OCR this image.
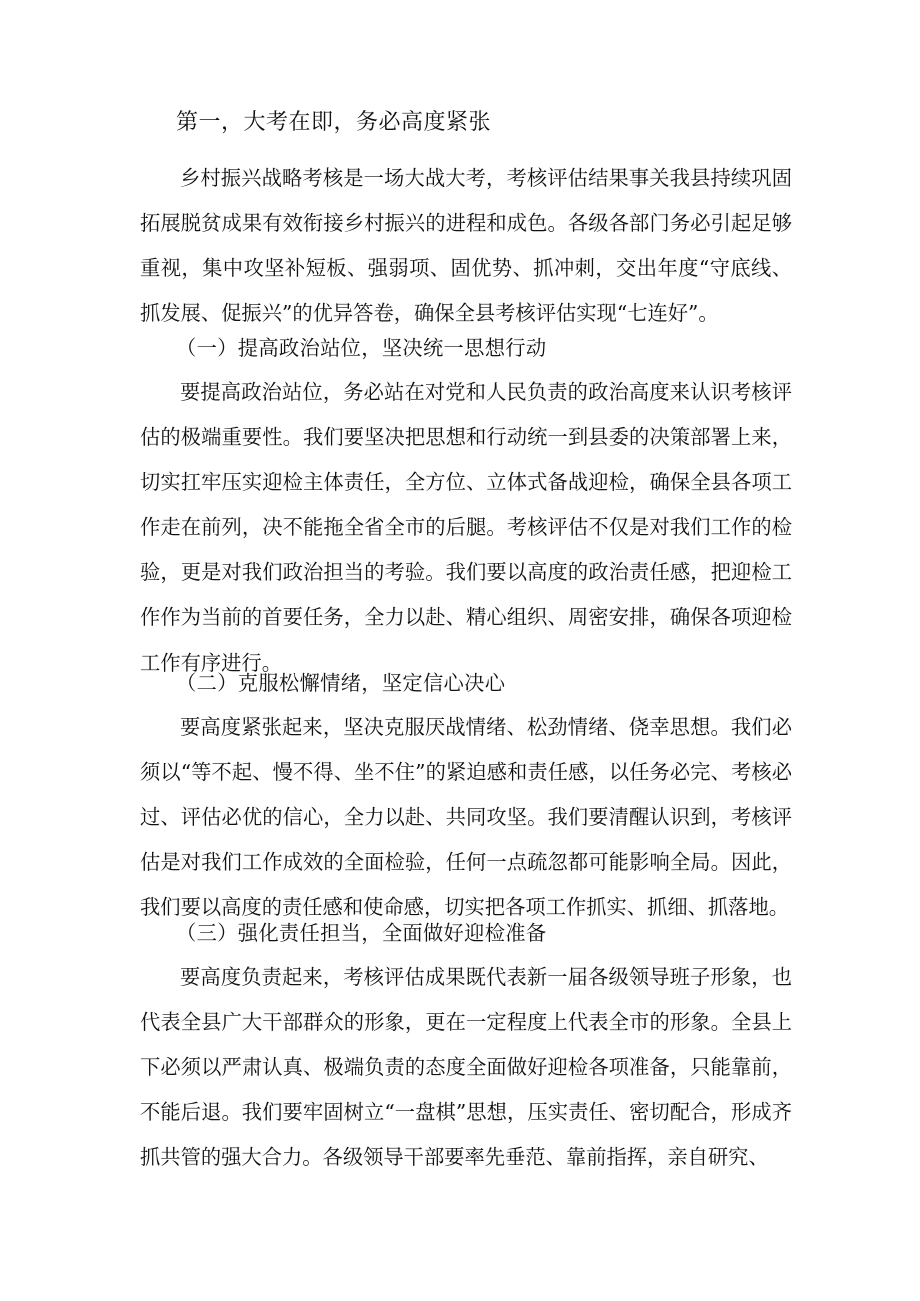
第一，大考在即，务必高度紧张

乡村振兴战略考核是一场大战大考，考核评估结果事关我县持续巩固拓展脱贫成果有效衔接乡村振兴的进程和成色。各级各部门务必引起足够重视，集中攻坚补短板、强弱项、固优势、抓冲刺，交出年度“守底线、抓发展、促振兴”的优异答卷，确保全县考核评估实现“七连好”。

（一）提高政治站位，坚决统一思想行动

要提高政治站位，务必站在对党和人民负责的政治高度来认识考核评估的极端重要性。我们要坚决把思想和行动统一到县委的决策部署上来，切实扛牢压实迎检主体责任，全方位、立体式备战迎检，确保全县各项工作走在前列，决不能拖全省全市的后腿。考核评估不仅是对我们工作的检验，更是对我们政治担当的考验。我们要以高度的政治责任感，把迎检工作作为当前的首要任务，全力以赴、精心组织、周密安排，确保各项迎检工作有序进行。

（二）克服松懈情绪，坚定信心决心

要高度紧张起来，坚决克服厌战情绪、松劲情绪、侥幸思想。我们必须以“等不起、慢不得、坐不住”的紧迫感和责任感，以任务必完、考核必过、评估必优的信心，全力以赴、共同攻坚。我们要清醒认识到，考核评估是对我们工作成效的全面检验，任何一点疏忽都可能影响全局。因此，我们要以高度的责任感和使命感，切实把各项工作抓实、抓细、抓落地。

（三）强化责任担当，全面做好迎检准备

要高度负责起来，考核评估成果既代表新一届各级领导班子形象，也代表全县广大干部群众的形象，更在一定程度上代表全市的形象。全县上下必须以严肃认真、极端负责的态度全面做好迎检各项准备，只能靠前，不能后退。我们要牢固树立“一盘棋”思想，压实责任、密切配合，形成齐抓共管的强大合力。各级领导干部要率先垂范、靠前指挥，亲自研究、
